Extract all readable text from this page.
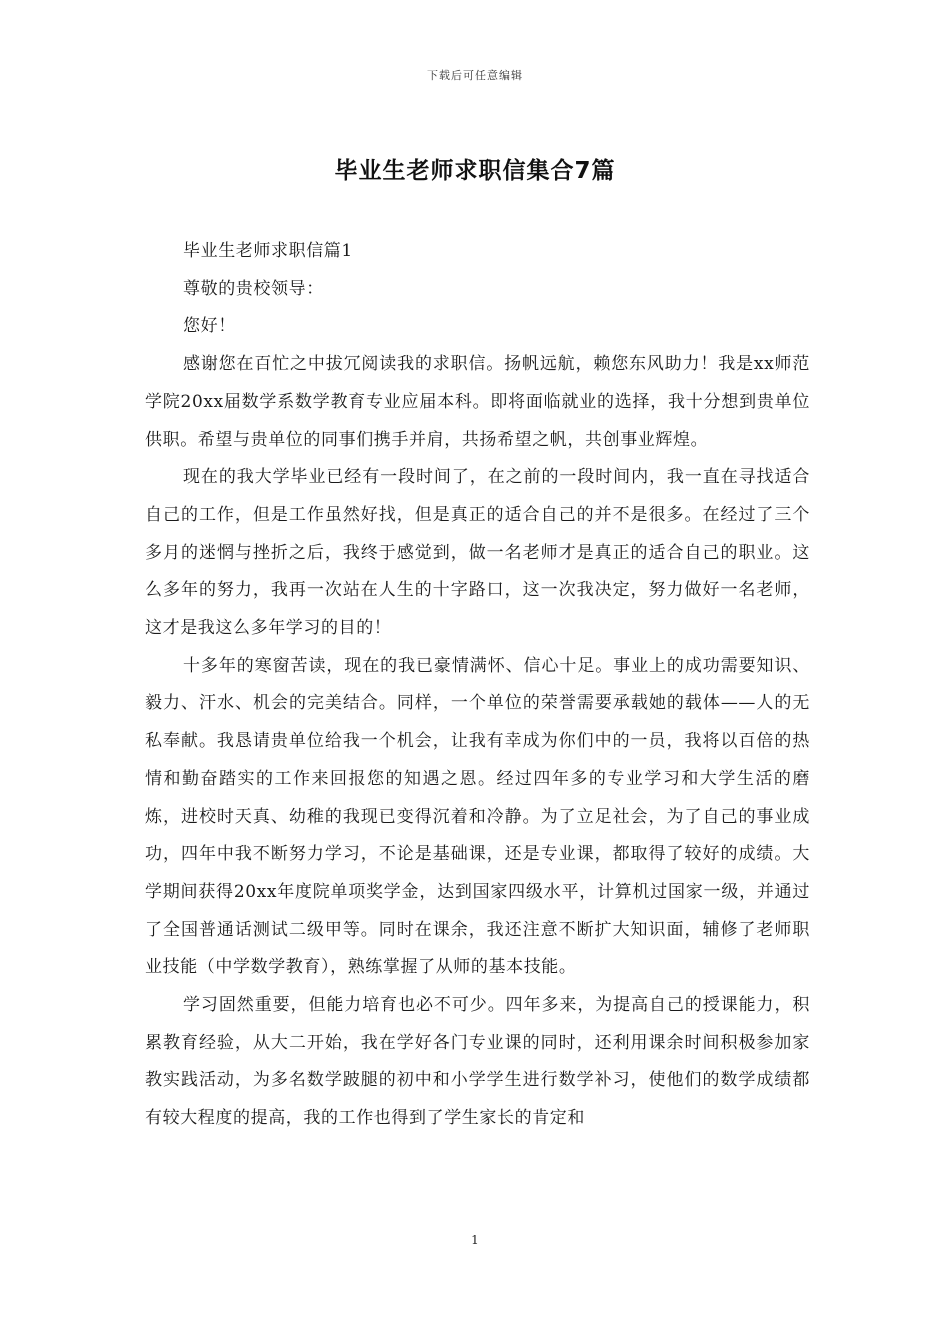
下载后可任意编辑
毕业生老师求职信集合7篇

毕业生老师求职信篇1

尊敬的贵校领导：

您好！

感谢您在百忙之中拔冗阅读我的求职信。扬帆远航，赖您东风助力！我是xx师范学院20xx届数学系数学教育专业应届本科。即将面临就业的选择，我十分想到贵单位供职。希望与贵单位的同事们携手并肩，共扬希望之帆，共创事业辉煌。

现在的我大学毕业已经有一段时间了，在之前的一段时间内，我一直在寻找适合自己的工作，但是工作虽然好找，但是真正的适合自己的并不是很多。在经过了三个多月的迷惘与挫折之后，我终于感觉到，做一名老师才是真正的适合自己的职业。这么多年的努力，我再一次站在人生的十字路口，这一次我决定，努力做好一名老师，这才是我这么多年学习的目的！

十多年的寒窗苦读，现在的我已豪情满怀、信心十足。事业上的成功需要知识、毅力、汗水、机会的完美结合。同样，一个单位的荣誉需要承载她的载体——人的无私奉献。我恳请贵单位给我一个机会，让我有幸成为你们中的一员，我将以百倍的热情和勤奋踏实的工作来回报您的知遇之恩。经过四年多的专业学习和大学生活的磨炼，进校时天真、幼稚的我现已变得沉着和冷静。为了立足社会，为了自己的事业成功，四年中我不断努力学习，不论是基础课，还是专业课，都取得了较好的成绩。大学期间获得20xx年度院单项奖学金，达到国家四级水平，计算机过国家一级，并通过了全国普通话测试二级甲等。同时在课余，我还注意不断扩大知识面，辅修了老师职业技能（中学数学教育），熟练掌握了从师的基本技能。

学习固然重要，但能力培育也必不可少。四年多来，为提高自己的授课能力，积累教育经验，从大二开始，我在学好各门专业课的同时，还利用课余时间积极参加家教实践活动，为多名数学跛腿的初中和小学学生进行数学补习，使他们的数学成绩都有较大程度的提高，我的工作也得到了学生家长的肯定和

1
